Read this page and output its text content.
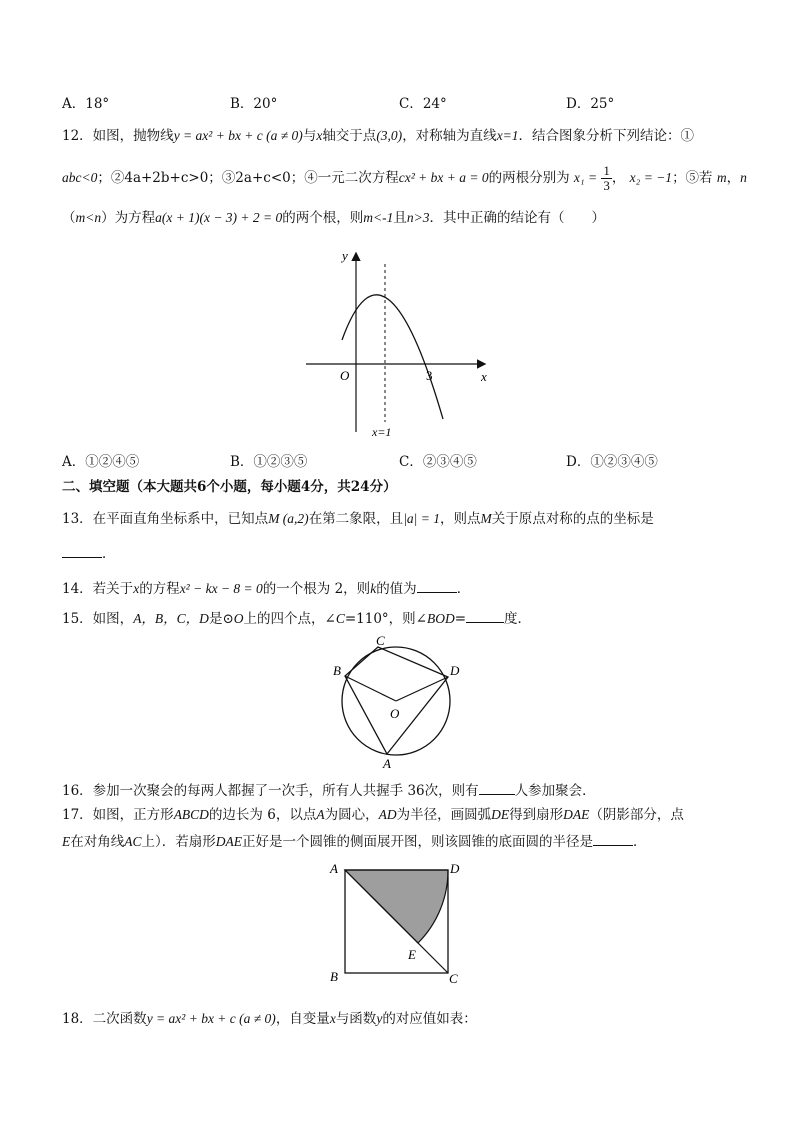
A．18°	B．20°	C．24°	D．25°
12．如图，抛物线y = ax² + bx + c (a ≠ 0)与x轴交于点(3,0)，对称轴为直线x=1．结合图象分析下列结论：①
abc<0；②4a+2b+c>0；③2a+c<0；④一元二次方程cx² + bx + a = 0的两根分别为 $x_1 = \frac{1}{3}$ ， x₂ = −1；⑤若 m，n
（m<n）为方程a(x + 1)(x − 3) + 2 = 0的两个根，则m<-1且n>3．其中正确的结论有（　　）
y
x
O	3
x=1
A．①②④⑤	B．①②③⑤	C．②③④⑤	D．①②③④⑤
二、填空题（本大题共6个小题，每小题4分，共24分）
13．在平面直角坐标系中，已知点M (a,2)在第二象限，且|a| = 1，则点M关于原点对称的点的坐标是
．
14．若关于x的方程x² − kx − 8 = 0的一个根为 2，则k的值为	．
15．如图，A，B，C，D是⊙O上的四个点，∠C=110°，则∠BOD=	度．
C
B	D
O
A
16．参加一次聚会的每两人都握了一次手，所有人共握手 36次，则有	人参加聚会．
17．如图，正方形ABCD的边长为 6，以点A为圆心，AD为半径，画圆弧DE得到扇形DAE（阴影部分，点
E在对角线AC上）．若扇形DAE正好是一个圆锥的侧面展开图，则该圆锥的底面圆的半径是	．
A	D
E
B	C
18．二次函数y = ax² + bx + c (a ≠ 0)，自变量x与函数y的对应值如表：
